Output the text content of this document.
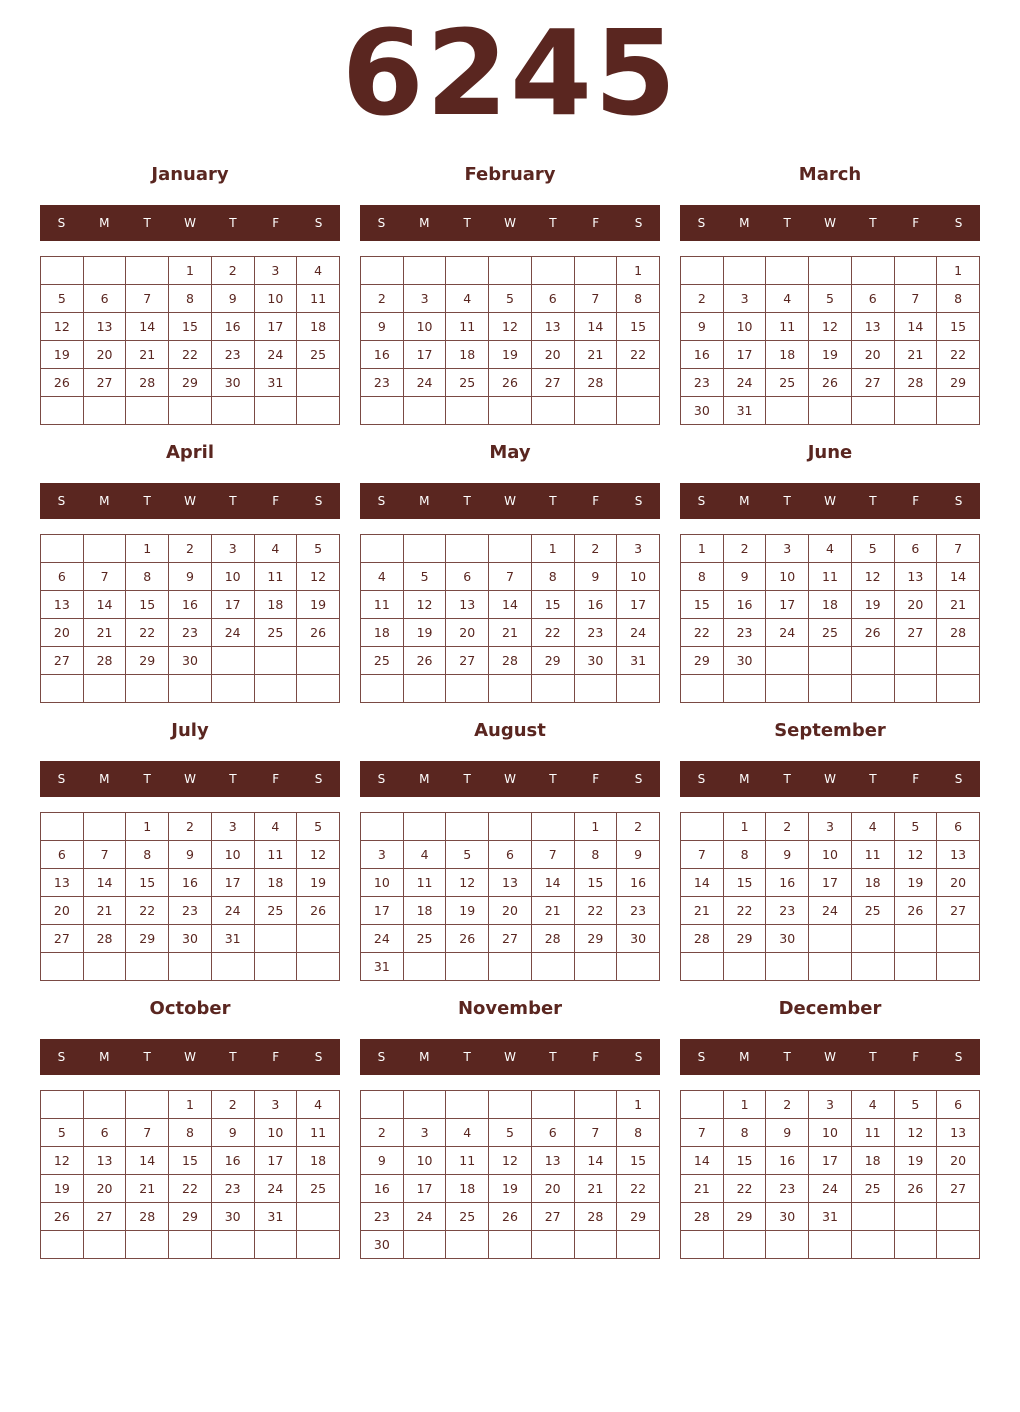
6245
January
S	M	T	W	T	F	S
			1	2	3	4
5	6	7	8	9	10	11
12	13	14	15	16	17	18
19	20	21	22	23	24	25
26	27	28	29	30	31	

February
S	M	T	W	T	F	S
						1
2	3	4	5	6	7	8
9	10	11	12	13	14	15
16	17	18	19	20	21	22
23	24	25	26	27	28	

March
S	M	T	W	T	F	S
						1
2	3	4	5	6	7	8
9	10	11	12	13	14	15
16	17	18	19	20	21	22
23	24	25	26	27	28	29
30	31					
April
S	M	T	W	T	F	S
		1	2	3	4	5
6	7	8	9	10	11	12
13	14	15	16	17	18	19
20	21	22	23	24	25	26
27	28	29	30			

May
S	M	T	W	T	F	S
				1	2	3
4	5	6	7	8	9	10
11	12	13	14	15	16	17
18	19	20	21	22	23	24
25	26	27	28	29	30	31

June
S	M	T	W	T	F	S
1	2	3	4	5	6	7
8	9	10	11	12	13	14
15	16	17	18	19	20	21
22	23	24	25	26	27	28
29	30					

July
S	M	T	W	T	F	S
		1	2	3	4	5
6	7	8	9	10	11	12
13	14	15	16	17	18	19
20	21	22	23	24	25	26
27	28	29	30	31		

August
S	M	T	W	T	F	S
					1	2
3	4	5	6	7	8	9
10	11	12	13	14	15	16
17	18	19	20	21	22	23
24	25	26	27	28	29	30
31						
September
S	M	T	W	T	F	S
	1	2	3	4	5	6
7	8	9	10	11	12	13
14	15	16	17	18	19	20
21	22	23	24	25	26	27
28	29	30				

October
S	M	T	W	T	F	S
			1	2	3	4
5	6	7	8	9	10	11
12	13	14	15	16	17	18
19	20	21	22	23	24	25
26	27	28	29	30	31	

November
S	M	T	W	T	F	S
						1
2	3	4	5	6	7	8
9	10	11	12	13	14	15
16	17	18	19	20	21	22
23	24	25	26	27	28	29
30						
December
S	M	T	W	T	F	S
	1	2	3	4	5	6
7	8	9	10	11	12	13
14	15	16	17	18	19	20
21	22	23	24	25	26	27
28	29	30	31			
